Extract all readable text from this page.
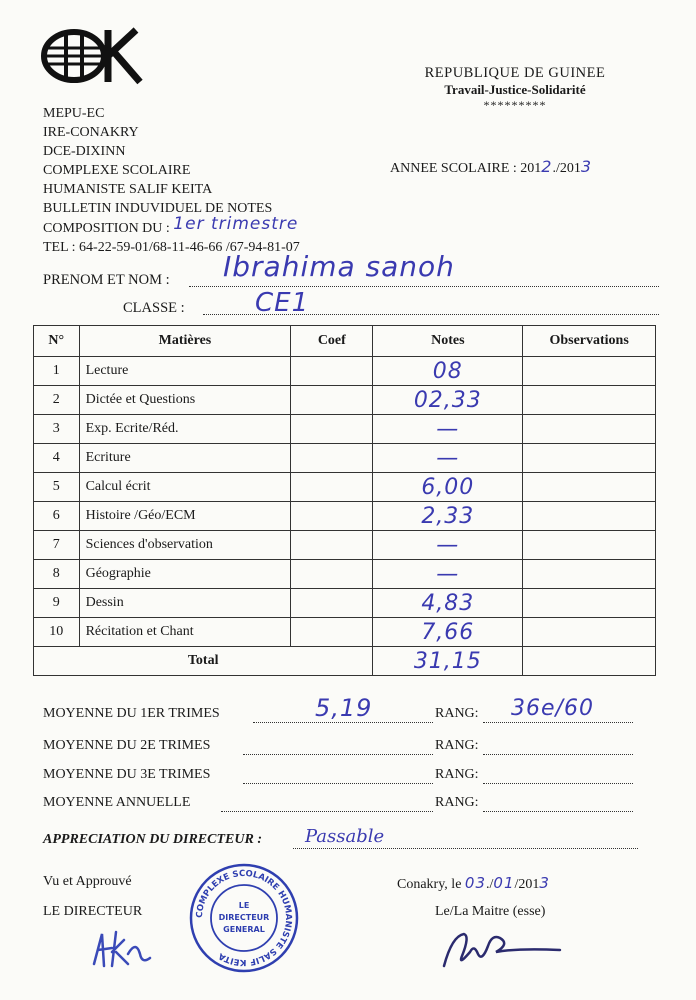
MEPU-EC
IRE-CONAKRY
DCE-DIXINN
COMPLEXE SCOLAIRE
HUMANISTE SALIF KEITA
BULLETIN INDUVIDUEL DE NOTES
COMPOSITION DU : 1er trimestre
TEL : 64-22-59-01/68-11-46-66 /67-94-81-07
REPUBLIQUE DE GUINEE
Travail-Justice-Solidarité
*********
ANNEE SCOLAIRE : 2012./2013
PRENOM ET NOM : Ibrahima sanoh
CLASSE :	CE1
N°	Matières	Coef	Notes	Observations
1	Lecture		08	
2	Dictée et Questions		02,33	
3	Exp. Ecrite/Réd.		—	
4	Ecriture		—	
5	Calcul écrit		6,00	
6	Histoire /Géo/ECM		2,33	
7	Sciences d'observation		—	
8	Géographie		—	
9	Dessin		4,83	
10	Récitation et Chant		7,66	
Total			31,15	
MOYENNE DU 1ER TRIMES	5,19	RANG: 36e/60
MOYENNE DU 2E TRIMES	RANG:
MOYENNE DU 3E TRIMES	RANG:
MOYENNE ANNUELLE	RANG:
APPRECIATION DU DIRECTEUR : Passable
Vu et Approuvé
LE DIRECTEUR
Conakry, le 03./01/2013
Le/La Maitre (esse)
COMPLEXE SCOLAIRE HUMANISTE SALIF KEITA
LE
DIRECTEUR
GENERAL
